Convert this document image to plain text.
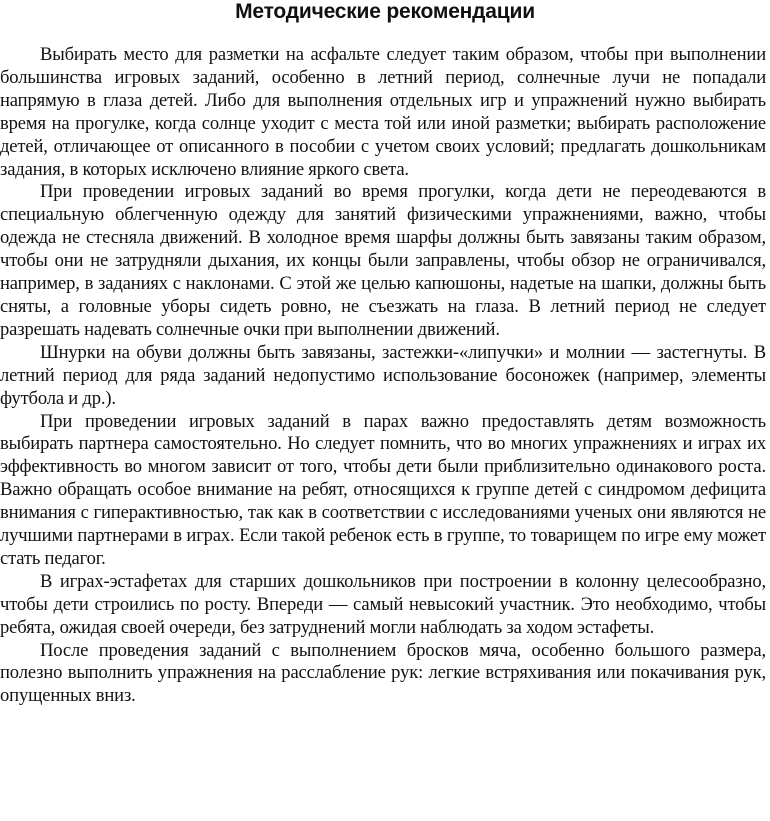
Методические рекомендации

Выбирать место для разметки на асфальте следует таким образом, чтобы при выполнении большинства игровых заданий, особенно в летний период, солнечные лучи не попадали напрямую в глаза детей. Либо для выполнения отдельных игр и упражнений нужно выбирать время на прогулке, когда солнце уходит с места той или иной разметки; выбирать расположение детей, отличающее от описанного в пособии с учетом своих условий; предлагать дошкольникам задания, в которых исключено влияние яркого света.

При проведении игровых заданий во время прогулки, когда дети не переодеваются в специальную облегченную одежду для занятий физическими упражнениями, важно, чтобы одежда не стесняла движений. В холодное время шарфы должны быть завязаны таким образом, чтобы они не затрудняли дыхания, их концы были заправлены, чтобы обзор не ограничивался, например, в заданиях с наклонами. С этой же целью капюшоны, надетые на шапки, должны быть сняты, а головные уборы сидеть ровно, не съезжать на глаза. В летний период не следует разрешать надевать солнечные очки при выполнении движений.

Шнурки на обуви должны быть завязаны, застежки-«липучки» и молнии — застегнуты. В летний период для ряда заданий недопустимо использование босоножек (например, элементы футбола и др.).

При проведении игровых заданий в парах важно предоставлять детям возможность выбирать партнера самостоятельно. Но следует помнить, что во многих упражнениях и играх их эффективность во многом зависит от того, чтобы дети были приблизительно одинакового роста. Важно обращать особое внимание на ребят, относящихся к группе детей с синдромом дефицита внимания с гиперактивностью, так как в соответствии с исследованиями ученых они являются не лучшими партнерами в играх. Если такой ребенок есть в группе, то товарищем по игре ему может стать педагог.

В играх-эстафетах для старших дошкольников при построении в колонну целесообразно, чтобы дети строились по росту. Впереди — самый невысокий участник. Это необходимо, чтобы ребята, ожидая своей очереди, без затруднений могли наблюдать за ходом эстафеты.

После проведения заданий с выполнением бросков мяча, особенно большого размера, полезно выполнить упражнения на расслабление рук: легкие встряхивания или покачивания рук, опущенных вниз.
